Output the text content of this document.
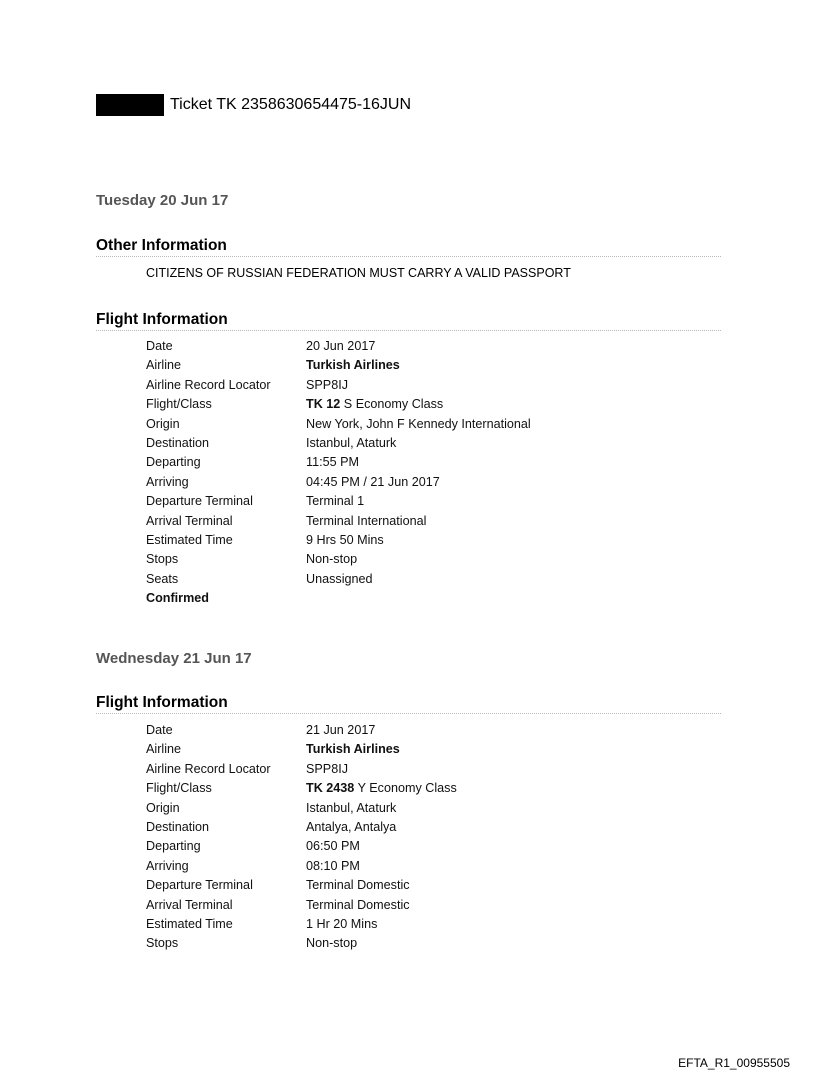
Ticket TK 2358630654475-16JUN
Tuesday 20 Jun 17
Other Information
CITIZENS OF RUSSIAN FEDERATION MUST CARRY A VALID PASSPORT
Flight Information
Date	20 Jun 2017
Airline	Turkish Airlines
Airline Record Locator	SPP8IJ
Flight/Class	TK 12 S Economy Class
Origin	New York, John F Kennedy International
Destination	Istanbul, Ataturk
Departing	11:55 PM
Arriving	04:45 PM / 21 Jun 2017
Departure Terminal	Terminal 1
Arrival Terminal	Terminal International
Estimated Time	9 Hrs 50 Mins
Stops	Non-stop
Seats	Unassigned
Confirmed
Wednesday 21 Jun 17
Flight Information
Date	21 Jun 2017
Airline	Turkish Airlines
Airline Record Locator	SPP8IJ
Flight/Class	TK 2438 Y Economy Class
Origin	Istanbul, Ataturk
Destination	Antalya, Antalya
Departing	06:50 PM
Arriving	08:10 PM
Departure Terminal	Terminal Domestic
Arrival Terminal	Terminal Domestic
Estimated Time	1 Hr 20 Mins
Stops	Non-stop
EFTA_R1_00955505
